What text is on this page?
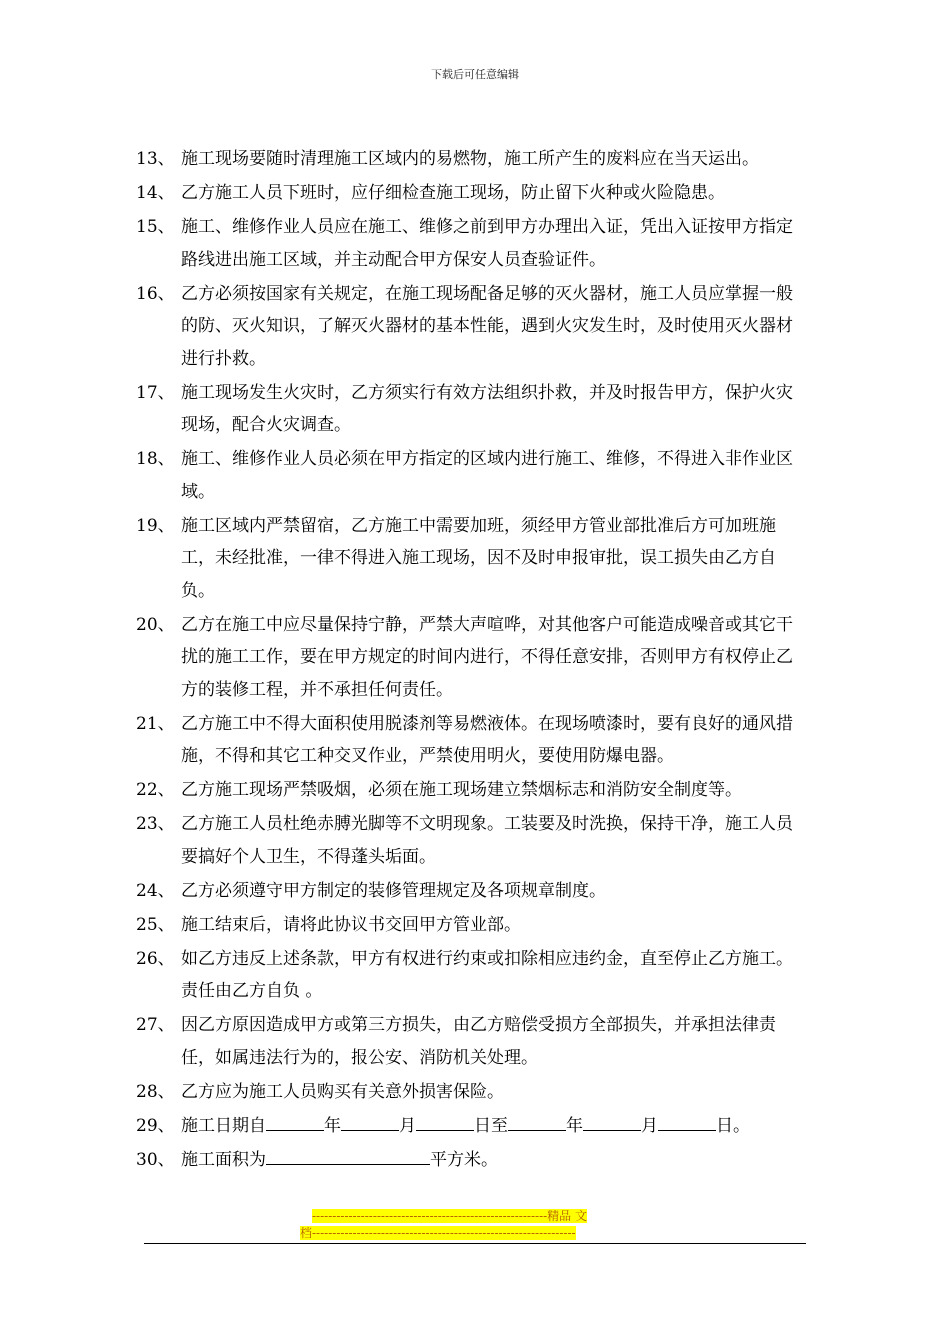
下载后可任意编辑
13、 施工现场要随时清理施工区域内的易燃物，施工所产生的废料应在当天运出。
14、 乙方施工人员下班时，应仔细检查施工现场，防止留下火种或火险隐患。
15、 施工、维修作业人员应在施工、维修之前到甲方办理出入证，凭出入证按甲方指定路线进出施工区域，并主动配合甲方保安人员查验证件。
16、 乙方必须按国家有关规定，在施工现场配备足够的灭火器材，施工人员应掌握一般的防、灭火知识，了解灭火器材的基本性能，遇到火灾发生时，及时使用灭火器材进行扑救。
17、 施工现场发生火灾时，乙方须实行有效方法组织扑救，并及时报告甲方，保护火灾现场，配合火灾调查。
18、 施工、维修作业人员必须在甲方指定的区域内进行施工、维修，不得进入非作业区域。
19、 施工区域内严禁留宿，乙方施工中需要加班，须经甲方管业部批准后方可加班施工，未经批准，一律不得进入施工现场，因不及时申报审批，误工损失由乙方自负。
20、 乙方在施工中应尽量保持宁静，严禁大声喧哗，对其他客户可能造成噪音或其它干扰的施工工作，要在甲方规定的时间内进行，不得任意安排，否则甲方有权停止乙方的装修工程，并不承担任何责任。
21、 乙方施工中不得大面积使用脱漆剂等易燃液体。在现场喷漆时，要有良好的通风措施，不得和其它工种交叉作业，严禁使用明火，要使用防爆电器。
22、 乙方施工现场严禁吸烟，必须在施工现场建立禁烟标志和消防安全制度等。
23、 乙方施工人员杜绝赤膊光脚等不文明现象。工装要及时洗换，保持干净，施工人员要搞好个人卫生，不得蓬头垢面。
24、 乙方必须遵守甲方制定的装修管理规定及各项规章制度。
25、 施工结束后，请将此协议书交回甲方管业部。
26、 如乙方违反上述条款，甲方有权进行约束或扣除相应违约金，直至停止乙方施工。责任由乙方自负 。
27、 因乙方原因造成甲方或第三方损失，由乙方赔偿受损方全部损失，并承担法律责任，如属违法行为的，报公安、消防机关处理。
28、 乙方应为施工人员购买有关意外损害保险。
29、 施工日期自	年	月	日至	年	月	日。
30、 施工面积为	平方米。
----------------------------------------------------------精品 文
档-----------------------------------------------------------------
